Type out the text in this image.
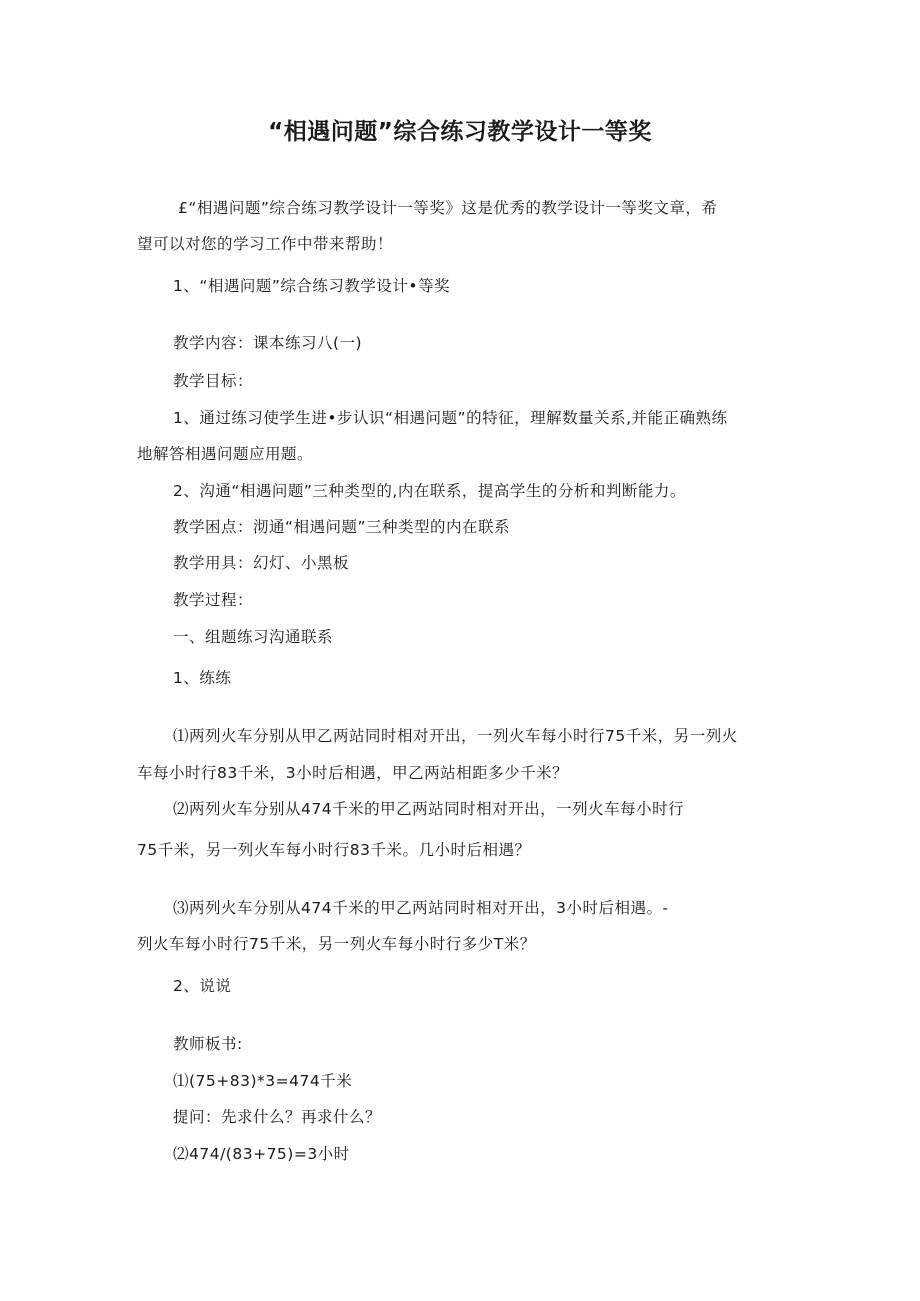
“相遇问题”综合练习教学设计一等奖
£“相遇问题”综合练习教学设计一等奖》这是优秀的教学设计一等奖文章，希
望可以对您的学习工作中带来帮助！
1、“相遇问题”综合练习教学设计•等奖
教学内容：课本练习八(一)
教学目标：
1、通过练习使学生进•步认识“相遇问题”的特征，理解数量关系,并能正确熟练
地解答相遇问题应用题。
2、沟通“相遇问题”三种类型的,内在联系，提高学生的分析和判断能力。
教学困点：沏通“相遇问题”三种类型的内在联系
教学用具：幻灯、小黑板
教学过程：
一、组题练习沟通联系
1、练练
⑴两列火车分别从甲乙两站同时相对开出，一列火车每小时行75千米，另一列火
车每小时行83千米，3小时后相遇，甲乙两站相距多少千米？
⑵两列火车分别从474千米的甲乙两站同时相对开出，一列火车每小时行
75千米，另一列火车每小时行83千米。几小时后相遇？
⑶两列火车分别从474千米的甲乙两站同时相对开出，3小时后相遇。-
列火车每小时行75千米，另一列火车每小时行多少T米？
2、说说
教师板书:
⑴(75+83)*3=474千米
提问：先求什么？再求什么？
⑵474/(83+75)=3小时
